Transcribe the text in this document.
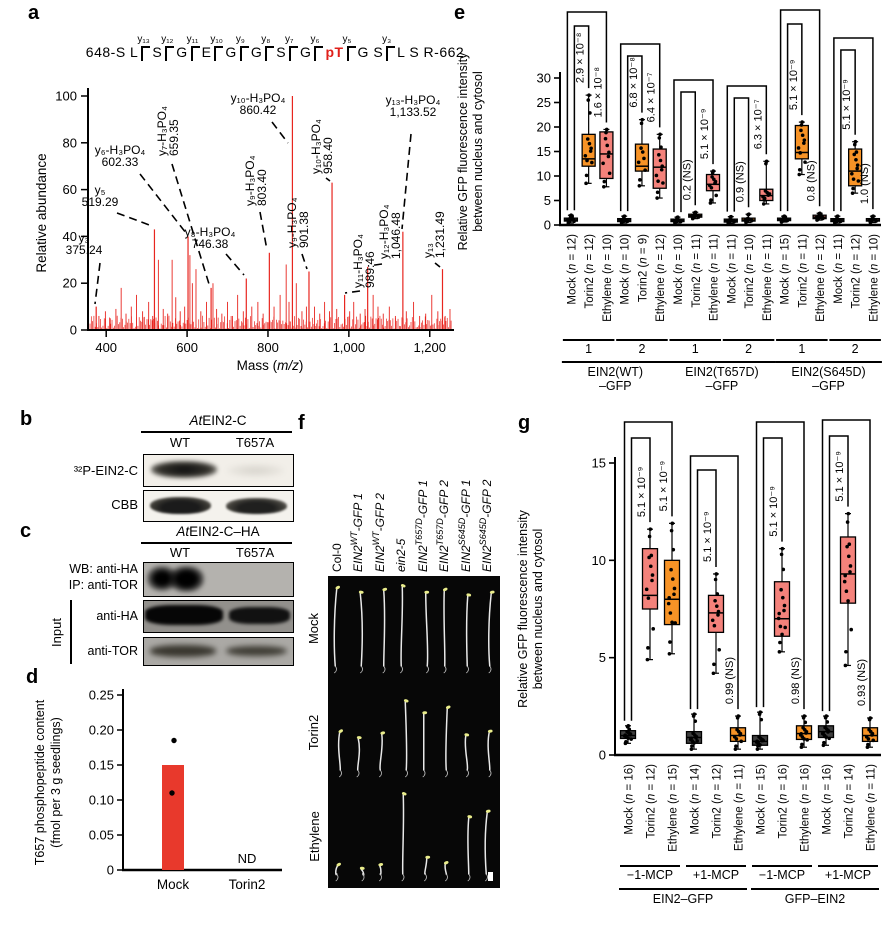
a	e
b
c
d
f	g
648-S L
y₁₃
S
y₁₂
G
y₁₁
E
y₁₀
G
y₉
G
y₈
S
y₇
G
y₆
pT
y₅
G S
y₃
L S R-662
y₃
375.24
y₅
519.29
y₆-H₃PO₄
602.33
y₇-H₃PO₄
659.35
y₈-H₃PO₄
746.38
y₉-H₃PO₄
803.40
y₁₀-H₃PO₄
860.42
y₉-H₃PO₄
901.38
y₁₀-H₃PO₄
958.40
y₁₁-H₃PO₄
989.46
y₁₂-H₃PO₄
1,046.48
y₁₃-H₃PO₄
1,133.52
y₁₃
1,231.49
0
20
40
60
80
100
400	600	800	1,000	1,200
Mass (m/z)
Relative abundance	Relative GFP fluorescence intensity between nucleus and cytosol	0
5
10
15
20
25
30
Mock (n = 12)
Torin2 (n = 12)
2.9 × 10⁻⁸
Ethylene (n = 10)
1.6 × 10⁻⁸
Mock (n = 10)
Torin2 (n = 9)
6.8 × 10⁻⁸
Ethylene (n = 12)
6.4 × 10⁻⁷
Mock (n = 10)
Torin2 (n = 11)
0.2 (NS)
Ethylene (n = 11)
5.1 × 10⁻⁹
Mock (n = 11)
Torin2 (n = 10)
0.9 (NS)
Ethylene (n = 11)
6.3 × 10⁻⁷
Mock (n = 15)
Torin2 (n = 11)
5.1 × 10⁻⁹
Ethylene (n = 12)
0.8 (NS)
Mock (n = 11)
Torin2 (n = 12)
5.1 × 10⁻⁹
Ethylene (n = 10)
1.0 (NS)
1	2	1	2	1	2
EIN2(WT)
–GFP
EIN2(T657D)
–GFP
EIN2(S645D)
–GFP
AtEIN2-C
WT	T657A
³²P-EIN2-C
CBB
AtEIN2-C–HA
WT	T657A
WB: anti-HA
IP: anti-TOR
anti-HA
anti-TOR
Input
T657 phosphopeptide content (fmol per 3 g seedlings)
0
0.05
0.10
0.15
0.20
0.25
ND
Mock	Torin2
Col-0 $EIN2^{WT}$-GFP 1
$EIN2^{WT}$-GFP 2
ein2-5 $EIN2^{T657D}$-GFP 1
$EIN2^{T657D}$-GFP 2
$EIN2^{S645D}$-GFP 1
$EIN2^{S645D}$-GFP 2
Mock
Torin2
Ethylene
Relative GFP fluorescence intensity between nucleus and cytosol
0
5
10
15
Mock (n = 16)
Torin2 (n = 12)
5.1 × 10⁻⁹
Ethylene (n = 15)
5.1 × 10⁻⁹
Mock (n = 14)
Torin2 (n = 12)
5.1 × 10⁻⁹
Ethylene (n = 11)
0.99 (NS)
Mock (n = 15)
Torin2 (n = 16)
5.1 × 10⁻⁹
Ethylene (n = 16)
0.98 (NS)
Mock (n = 16)
Torin2 (n = 14)
5.1 × 10⁻⁹
Ethylene (n = 11)
0.93 (NS)
−1-MCP +1-MCP −1-MCP +1-MCP
EIN2–GFP	GFP–EIN2
